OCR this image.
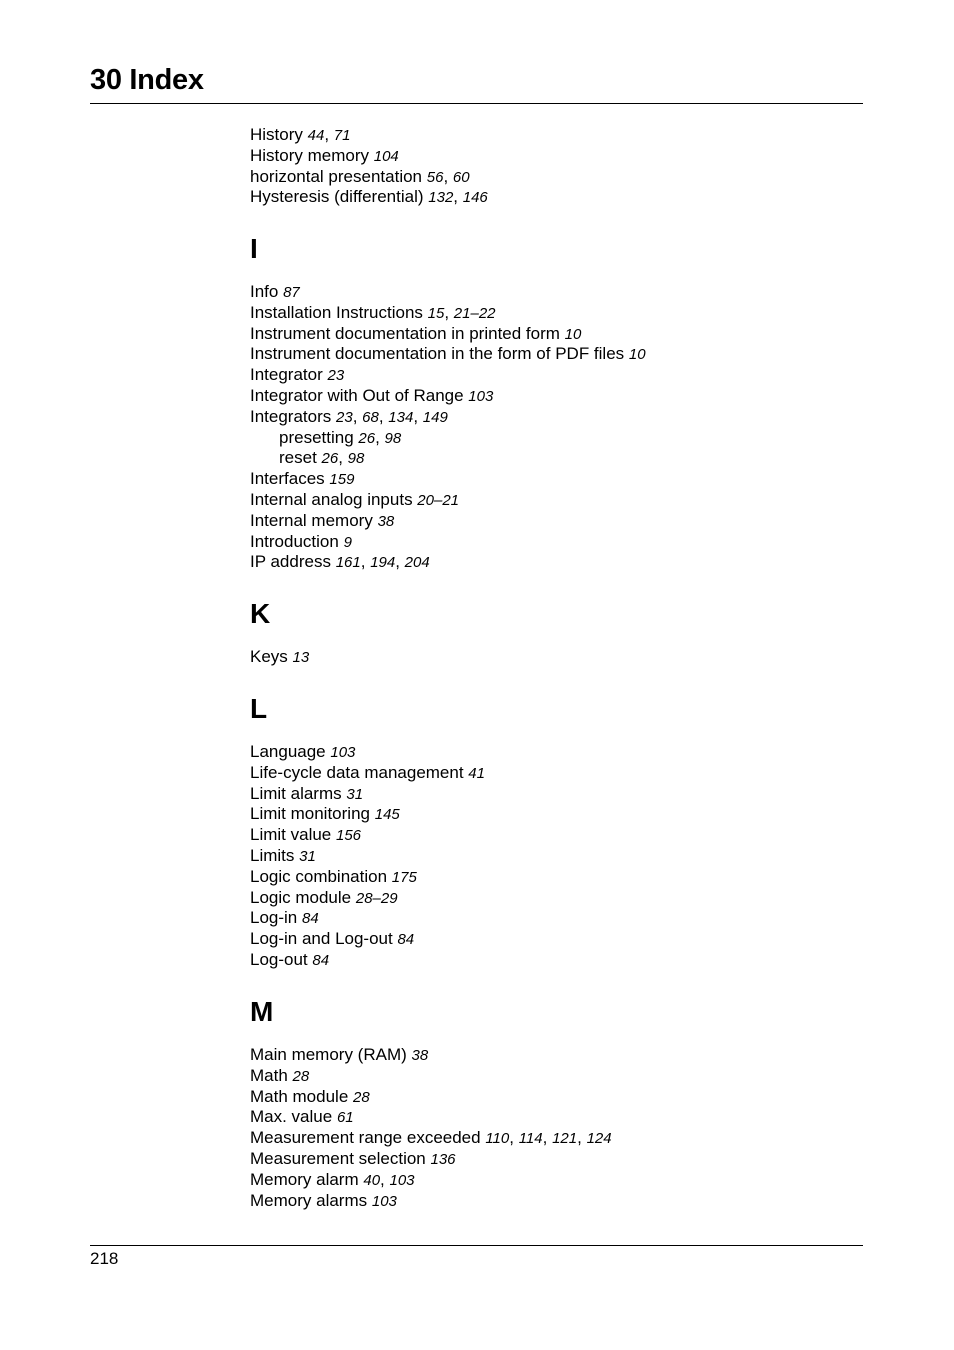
30 Index
History 44, 71
History memory 104
horizontal presentation 56, 60
Hysteresis (differential) 132, 146
I
Info 87
Installation Instructions 15, 21–22
Instrument documentation in printed form 10
Instrument documentation in the form of PDF files 10
Integrator 23
Integrator with Out of Range 103
Integrators 23, 68, 134, 149
presetting 26, 98
reset 26, 98
Interfaces 159
Internal analog inputs 20–21
Internal memory 38
Introduction 9
IP address 161, 194, 204
K
Keys 13
L
Language 103
Life-cycle data management 41
Limit alarms 31
Limit monitoring 145
Limit value 156
Limits 31
Logic combination 175
Logic module 28–29
Log-in 84
Log-in and Log-out 84
Log-out 84
M
Main memory (RAM) 38
Math 28
Math module 28
Max. value 61
Measurement range exceeded 110, 114, 121, 124
Measurement selection 136
Memory alarm 40, 103
Memory alarms 103
218
